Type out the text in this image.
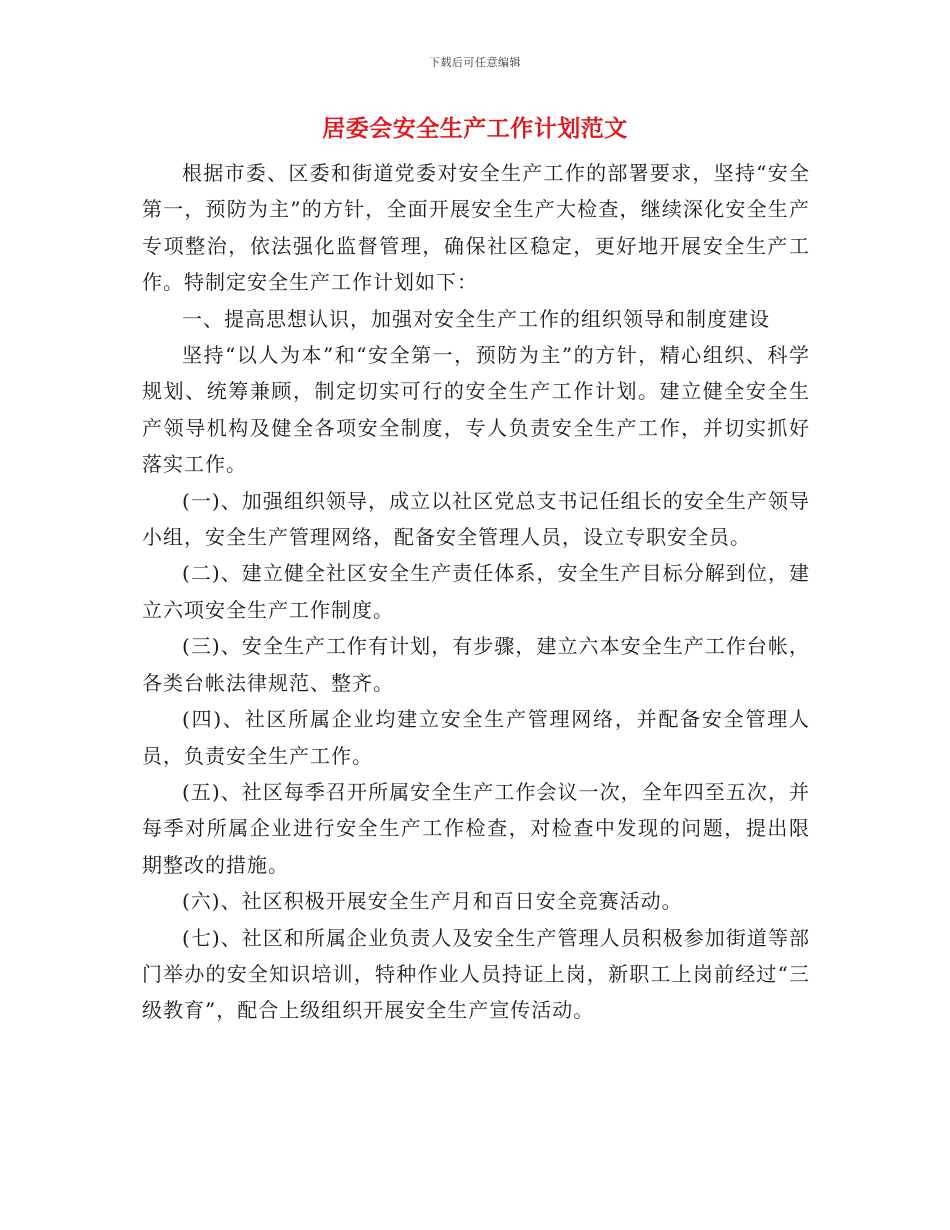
下载后可任意编辑
居委会安全生产工作计划范文

根据市委、区委和街道党委对安全生产工作的部署要求，坚持“安全第一，预防为主”的方针，全面开展安全生产大检查，继续深化安全生产专项整治，依法强化监督管理，确保社区稳定，更好地开展安全生产工作。特制定安全生产工作计划如下：

一、提高思想认识，加强对安全生产工作的组织领导和制度建设

坚持“以人为本”和“安全第一，预防为主”的方针，精心组织、科学规划、统筹兼顾，制定切实可行的安全生产工作计划。建立健全安全生产领导机构及健全各项安全制度，专人负责安全生产工作，并切实抓好落实工作。

(一)、加强组织领导，成立以社区党总支书记任组长的安全生产领导小组，安全生产管理网络，配备安全管理人员，设立专职安全员。

(二)、建立健全社区安全生产责任体系，安全生产目标分解到位，建立六项安全生产工作制度。

(三)、安全生产工作有计划，有步骤，建立六本安全生产工作台帐，各类台帐法律规范、整齐。

(四)、社区所属企业均建立安全生产管理网络，并配备安全管理人员，负责安全生产工作。

(五)、社区每季召开所属安全生产工作会议一次，全年四至五次，并每季对所属企业进行安全生产工作检查，对检查中发现的问题，提出限期整改的措施。

(六)、社区积极开展安全生产月和百日安全竞赛活动。

(七)、社区和所属企业负责人及安全生产管理人员积极参加街道等部门举办的安全知识培训，特种作业人员持证上岗，新职工上岗前经过“三级教育”，配合上级组织开展安全生产宣传活动。
